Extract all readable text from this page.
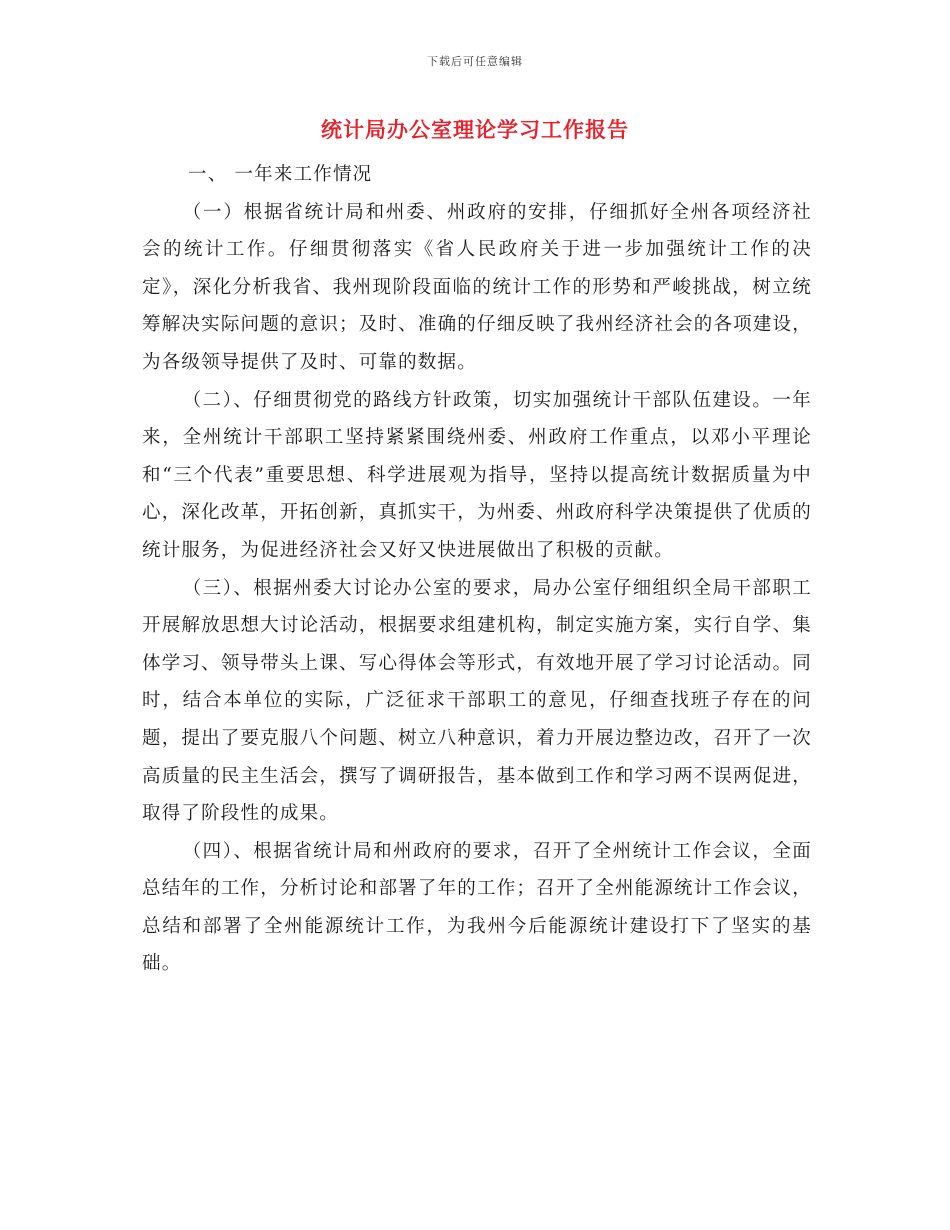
下载后可任意编辑
统计局办公室理论学习工作报告

一、 一年来工作情况

（一）根据省统计局和州委、州政府的安排，仔细抓好全州各项经济社会的统计工作。仔细贯彻落实《省人民政府关于进一步加强统计工作的决定》，深化分析我省、我州现阶段面临的统计工作的形势和严峻挑战，树立统筹解决实际问题的意识；及时、准确的仔细反映了我州经济社会的各项建设，为各级领导提供了及时、可靠的数据。

（二）、仔细贯彻党的路线方针政策，切实加强统计干部队伍建设。一年来，全州统计干部职工坚持紧紧围绕州委、州政府工作重点，以邓小平理论和“三个代表”重要思想、科学进展观为指导，坚持以提高统计数据质量为中心，深化改革，开拓创新，真抓实干，为州委、州政府科学决策提供了优质的统计服务，为促进经济社会又好又快进展做出了积极的贡献。

（三）、根据州委大讨论办公室的要求，局办公室仔细组织全局干部职工开展解放思想大讨论活动，根据要求组建机构，制定实施方案，实行自学、集体学习、领导带头上课、写心得体会等形式，有效地开展了学习讨论活动。同时，结合本单位的实际，广泛征求干部职工的意见，仔细查找班子存在的问题，提出了要克服八个问题、树立八种意识，着力开展边整边改，召开了一次高质量的民主生活会，撰写了调研报告，基本做到工作和学习两不误两促进，取得了阶段性的成果。

（四）、根据省统计局和州政府的要求，召开了全州统计工作会议，全面总结年的工作，分析讨论和部署了年的工作；召开了全州能源统计工作会议，总结和部署了全州能源统计工作，为我州今后能源统计建设打下了坚实的基础。
